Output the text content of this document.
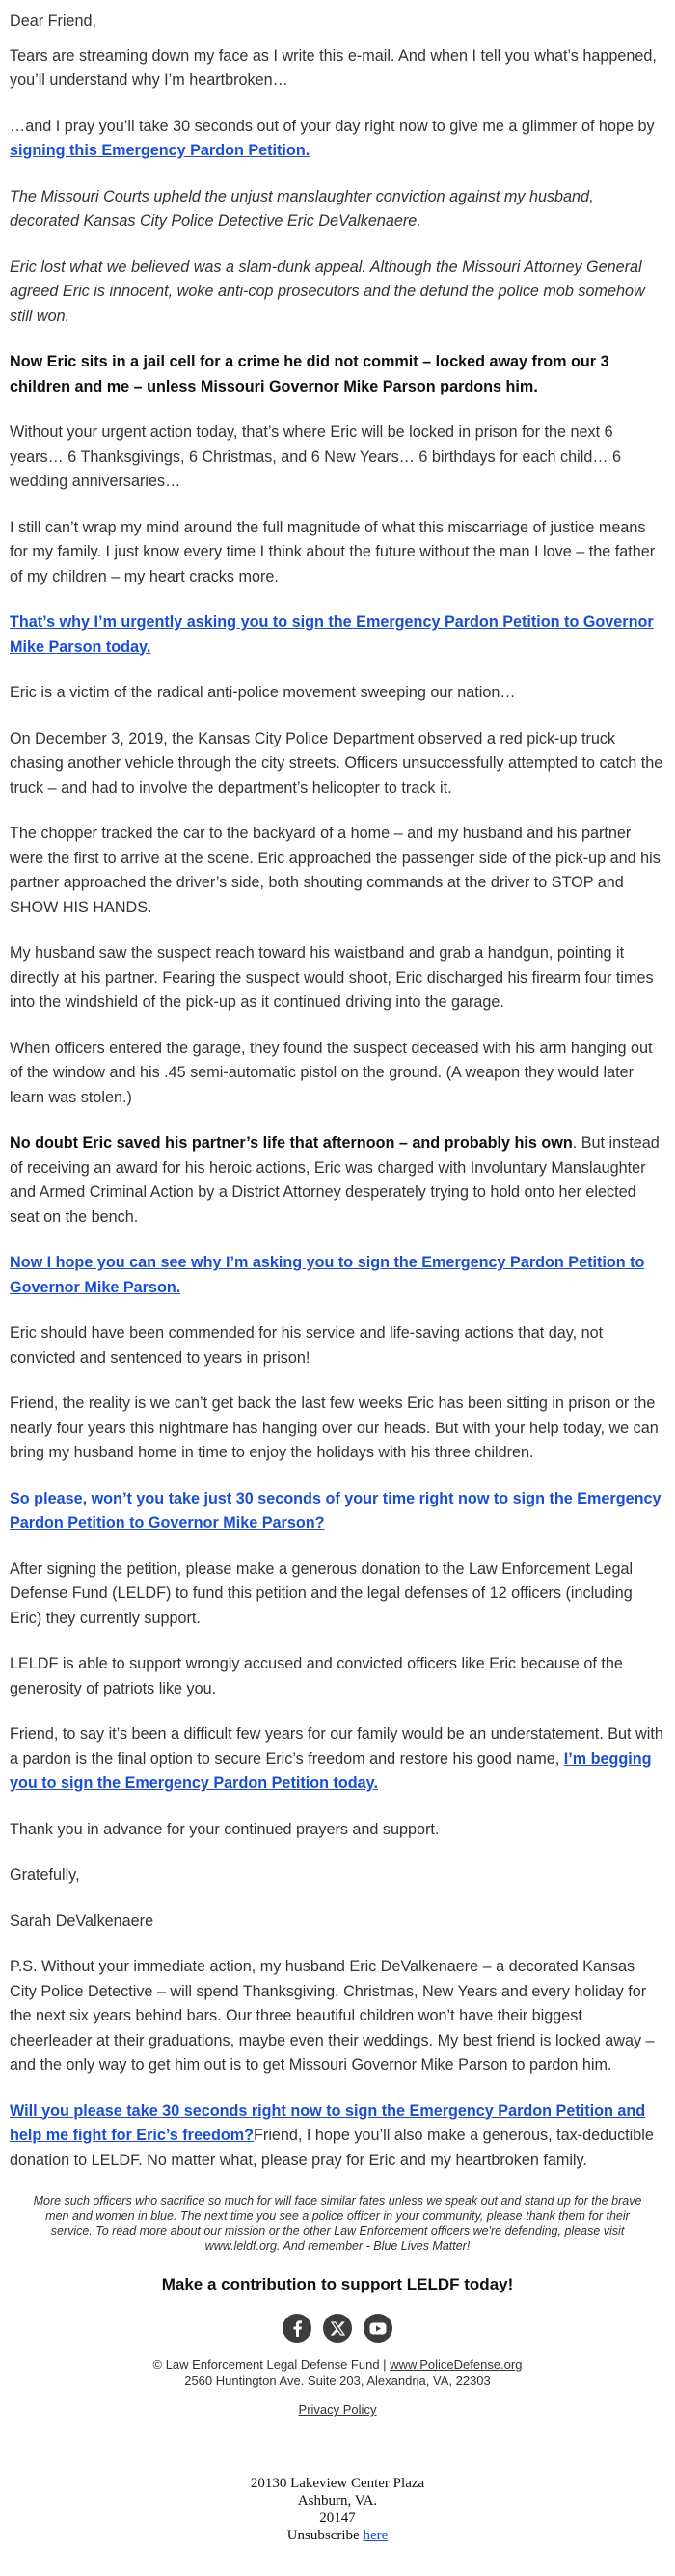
Dear Friend,

Tears are streaming down my face as I write this e-mail. And when I tell you what’s happened, you’ll understand why I’m heartbroken…

…and I pray you’ll take 30 seconds out of your day right now to give me a glimmer of hope by signing this Emergency Pardon Petition.

The Missouri Courts upheld the unjust manslaughter conviction against my husband, decorated Kansas City Police Detective Eric DeValkenaere.

Eric lost what we believed was a slam-dunk appeal. Although the Missouri Attorney General agreed Eric is innocent, woke anti-cop prosecutors and the defund the police mob somehow still won.

Now Eric sits in a jail cell for a crime he did not commit – locked away from our 3 children and me – unless Missouri Governor Mike Parson pardons him.

Without your urgent action today, that’s where Eric will be locked in prison for the next 6 years… 6 Thanksgivings, 6 Christmas, and 6 New Years… 6 birthdays for each child… 6 wedding anniversaries…

I still can’t wrap my mind around the full magnitude of what this miscarriage of justice means for my family. I just know every time I think about the future without the man I love – the father of my children – my heart cracks more.

That’s why I’m urgently asking you to sign the Emergency Pardon Petition to Governor Mike Parson today.

Eric is a victim of the radical anti-police movement sweeping our nation…

On December 3, 2019, the Kansas City Police Department observed a red pick-up truck chasing another vehicle through the city streets. Officers unsuccessfully attempted to catch the truck – and had to involve the department’s helicopter to track it.

The chopper tracked the car to the backyard of a home – and my husband and his partner were the first to arrive at the scene. Eric approached the passenger side of the pick-up and his partner approached the driver’s side, both shouting commands at the driver to STOP and SHOW HIS HANDS.

My husband saw the suspect reach toward his waistband and grab a handgun, pointing it directly at his partner. Fearing the suspect would shoot, Eric discharged his firearm four times into the windshield of the pick-up as it continued driving into the garage.

When officers entered the garage, they found the suspect deceased with his arm hanging out of the window and his .45 semi-automatic pistol on the ground. (A weapon they would later learn was stolen.)

No doubt Eric saved his partner’s life that afternoon – and probably his own. But instead of receiving an award for his heroic actions, Eric was charged with Involuntary Manslaughter and Armed Criminal Action by a District Attorney desperately trying to hold onto her elected seat on the bench.

Now I hope you can see why I’m asking you to sign the Emergency Pardon Petition to Governor Mike Parson.

Eric should have been commended for his service and life-saving actions that day, not convicted and sentenced to years in prison!

Friend, the reality is we can’t get back the last few weeks Eric has been sitting in prison or the nearly four years this nightmare has hanging over our heads. But with your help today, we can bring my husband home in time to enjoy the holidays with his three children.

So please, won’t you take just 30 seconds of your time right now to sign the Emergency Pardon Petition to Governor Mike Parson?

After signing the petition, please make a generous donation to the Law Enforcement Legal Defense Fund (LELDF) to fund this petition and the legal defenses of 12 officers (including Eric) they currently support.

LELDF is able to support wrongly accused and convicted officers like Eric because of the generosity of patriots like you.

Friend, to say it’s been a difficult few years for our family would be an understatement. But with a pardon is the final option to secure Eric’s freedom and restore his good name, I’m begging you to sign the Emergency Pardon Petition today.

Thank you in advance for your continued prayers and support.

Gratefully,

Sarah DeValkenaere

P.S. Without your immediate action, my husband Eric DeValkenaere – a decorated Kansas City Police Detective – will spend Thanksgiving, Christmas, New Years and every holiday for the next six years behind bars. Our three beautiful children won’t have their biggest cheerleader at their graduations, maybe even their weddings. My best friend is locked away – and the only way to get him out is to get Missouri Governor Mike Parson to pardon him.

Will you please take 30 seconds right now to sign the Emergency Pardon Petition and help me fight for Eric’s freedom?Friend, I hope you’ll also make a generous, tax-deductible donation to LELDF. No matter what, please pray for Eric and my heartbroken family.

More such officers who sacrifice so much for will face similar fates unless we speak out and stand up for the brave men and women in blue. The next time you see a police officer in your community, please thank them for their service. To read more about our mission or the other Law Enforcement officers we're defending, please visit www.leldf.org. And remember - Blue Lives Matter!
Make a contribution to support LELDF today!
© Law Enforcement Legal Defense Fund | www.PoliceDefense.org
2560 Huntington Ave. Suite 203, Alexandria, VA, 22303
Privacy Policy
20130 Lakeview Center Plaza
Ashburn, VA.
20147
Unsubscribe here
